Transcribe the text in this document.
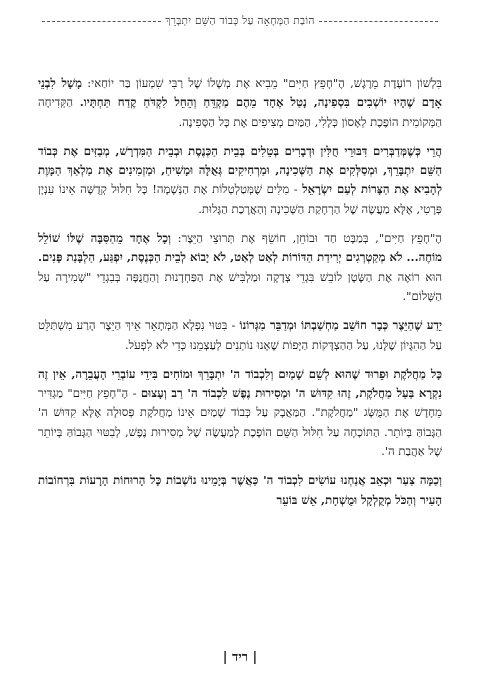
הוֹבַת הַמְּחָאָה עַל כְּבוֹד הַשֵּׁם יִתְבָּרֵךְ

בִּלְשׁוֹן רוֹעֶדֶת מֵרֶגֶשׁ, הֶ"חָפֵץ חַיִּים" מֵבִיא אֶת מְשָׁלוֹ שֶׁל רַבִּי שִׁמְעוֹן בַּר יוֹחַאי: מָשָׁל לִבְנֵי אָדָם שֶׁהָיוּ יוֹשְׁבִים בִּסְפִינָה, נָטַל אֶחָד מֵהֶם מַקְדֵּחַ וְהֵחֵל לִקְדֹּחַ קֶדַח תַּחְתָּיו. הַקְּדִיחָה הַמְּקוֹמִית הוֹפֶכֶת לְאָסוֹן כְּלָלִי, הַמַּיִם מְצִיפִים אֶת כָּל הַסְּפִינָה.

הֲרֵי כְּשֶׁמְּדַבְּרִים דִּבּוּרֵי חֻלִּין וּדְבָרִים בְּטֵלִים בְּבֵית הַכְּנֶסֶת וּבְבֵית הַמִּדְרָשׁ, מְבַזִּים אֶת כְּבוֹד הַשֵּׁם יִתְבָּרֵךְ, וּמְסַלְּקִים אֶת הַשְּׁכִינָה, וּמַרְחִיקִים גְּאֻלָּה וּמָשִׁיחַ, וּמַזְמִינִים אֶת מַלְאַךְ הַמָּוֶת לְהָבִיא אֶת הַצָּרוֹת לְעַם יִשְׂרָאֵל - מִלִּים שֶׁמְּטַלְטְלוֹת אֶת הַנְּשָׁמָה! כָּל חִלּוּל קְדֻשָּׁה אֵינוֹ עִנְיָן פְּרָטִי, אֶלָּא מַעֲשֶׂה שֶׁל הַרְחָקַת הַשְּׁכִינָה וְהַאֲרָכַת הַגָּלוּת.

הֶ"חָפֵץ חַיִּים", בְּמַבָּט חַד וּבוֹחֵן, חוֹשֵׂף אֶת תְּרוּצֵי הַיֵּצֶר: וְכָל אֶחָד מֵהַסִּבָּה שֶׁלּוֹ שׁוֹלֵל מוֹחֶה... לֹא מְקַטְרְגִים יְרִידַת הַדּוֹרוֹת לְאַט לְאַט, לֹא יָבוֹא לְבֵית הַכְּנֶסֶת, יִפְגַּע, הַלְבָּנַת פָּנִים. הוּא רוֹאֶה אֶת הַשָּׂטָן לוֹבֵשׁ בִּגְדֵי צְדָקָה וּמַלְבִּישׁ אֶת הַפַּחְדָנוּת וְהַחֲנֻפָּה בְּבִגְדֵי "שְׁמִירָה עַל הַשָּׁלוֹם".

יֵדַע שֶׁהַיֵּצֶר כְּבָר חוֹשֵׁב מַחְשַׁבְתּוֹ וּמְדַבֵּר מִגְּרוֹנוֹ - בִּטּוּי נִפְלָא הַמְּתָאֵר אֵיךְ הַיֵּצֶר הָרַע מִשְׁתַּלֵּט עַל הַהִגָּיוֹן שֶׁלָּנוּ, עַל הַהַצְדָּקוֹת הַיָּפוֹת שֶׁאָנוּ נוֹתְנִים לְעַצְמֵנוּ כְּדֵי לֹא לִפְעֹל.

כָּל מַחֲלֹקֶת וּפֵרוּד שֶׁהוּא לְשֵׁם שָׁמַיִם וְלִכְבוֹד ה' יִתְבָּרֵךְ וּמוֹחִים בִּידֵי עוֹבְרֵי הָעֲבֵרָה, אֵין זֶה נִקְרָא בַּעַל מַחֲלֹקֶת, זֶהוּ קִדּוּשׁ ה' וּמְסִירוּת נֶפֶשׁ לִכְבוֹד ה' רַב וְעָצוּם - הֶ"חָפֵץ חַיִּים" מַגְדִּיר מֵחָדָשׁ אֶת הַמֻּשָּׂג "מַחֲלֹקֶת". הַמַּאֲבָק עַל כְּבוֹד שָׁמַיִם אֵינוֹ מַחֲלֹקֶת פְּסוּלָה אֶלָּא קִדּוּשׁ ה' הַגָּבוֹהַּ בְּיוֹתֵר. הַתּוֹכָחָה עַל חִלּוּל הַשֵּׁם הוֹפֶכֶת לְמַעֲשֶׂה שֶׁל מְסִירוּת נֶפֶשׁ, לְבִטּוּי הַגָּבוֹהַּ בְּיוֹתֵר שֶׁל אַהֲבַת ה'.

וְכַמָּה צַעַר וּכְאֵב אֲנַחְנוּ עוֹשִׂים לִכְבוֹד ה' כַּאֲשֶׁר בְּיָמֵינוּ נוֹשְׁבוֹת כָּל הָרוּחוֹת הָרָעוֹת בִּרְחוֹבוֹת הָעִיר וְהַכֹּל מְקֻלְקָל וּמֻשְׁחָת, אֵשׁ בּוֹעֵר

| ריד |
